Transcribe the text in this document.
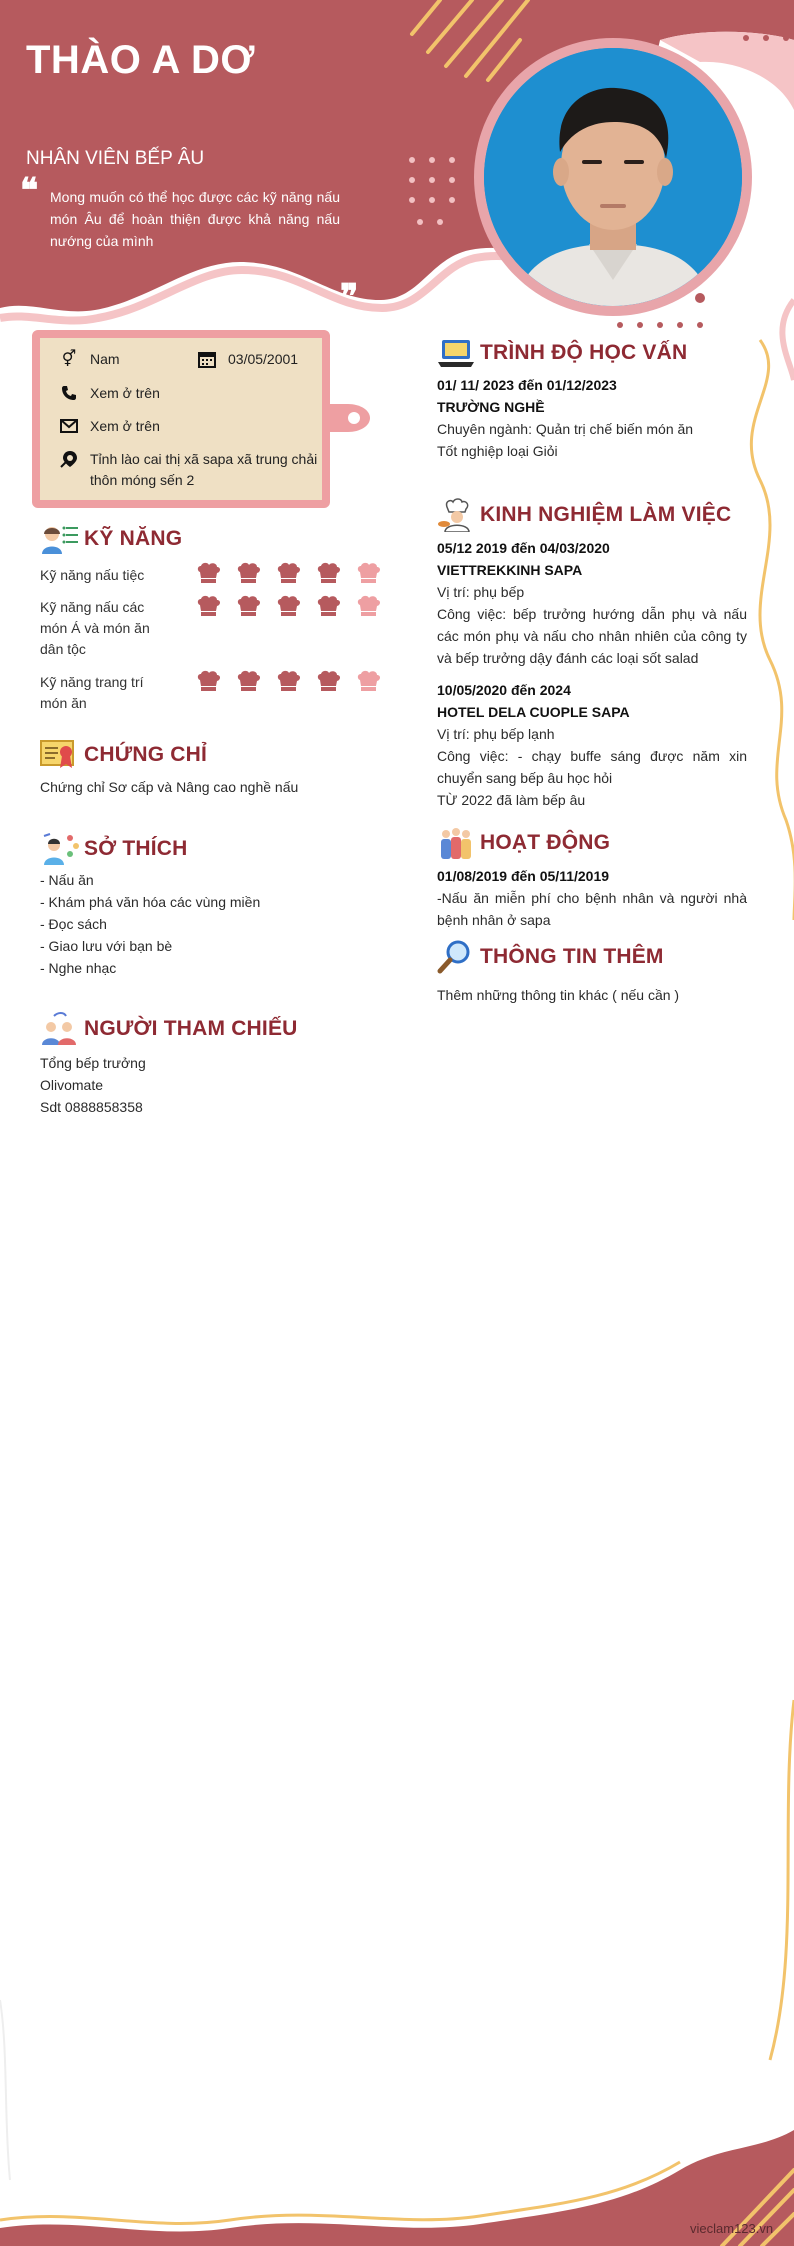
THÀO A DƠ
NHÂN VIÊN BẾP ÂU
❝ Mong muốn có thể học được các kỹ năng nấu món Âu để hoàn thiện được khả năng nấu nướng của mình
❞
⚥ Nam	03/05/2001
Xem ở trên
Xem ở trên
Tỉnh lào cai thị xã sapa xã trung chải thôn móng sến 2
KỸ NĂNG
Kỹ năng nấu tiệc
Kỹ năng nấu các món Á và món ăn dân tộc
Kỹ năng trang trí món ăn
CHỨNG CHỈ
Chứng chỉ Sơ cấp và Nâng cao nghề nấu
SỞ THÍCH
- Nấu ăn
- Khám phá văn hóa các vùng miền
- Đọc sách
- Giao lưu với bạn bè
- Nghe nhạc
NGƯỜI THAM CHIẾU
Tổng bếp trưởng
Olivomate
Sdt 0888858358
TRÌNH ĐỘ HỌC VẤN
01/ 11/ 2023 đến 01/12/2023
TRƯỜNG NGHỀ
Chuyên ngành: Quản trị chế biến món ăn
Tốt nghiệp loại Giỏi
KINH NGHIỆM LÀM VIỆC
05/12 2019 đến 04/03/2020
VIETTREKKINH SAPA
Vị trí: phụ bếp
Công việc: bếp trưởng hướng dẫn phụ và nấu các món phụ và nấu cho nhân nhiên của công ty và bếp trưởng dậy đánh các loại sốt salad
10/05/2020 đến 2024
HOTEL DELA CUOPLE SAPA
Vị trí: phụ bếp lạnh
Công việc: - chạy buffe sáng được năm xin chuyển sang bếp âu học hỏi
TỪ 2022 đã làm bếp âu
HOẠT ĐỘNG
01/08/2019 đến 05/11/2019
-Nấu ăn miễn phí cho bệnh nhân và người nhà bệnh nhân ở sapa
THÔNG TIN THÊM
Thêm những thông tin khác ( nếu cần )
vieclam123.vn
